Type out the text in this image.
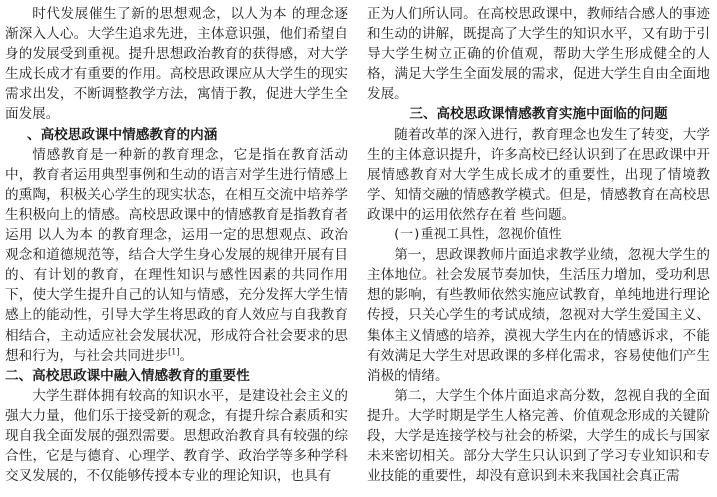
时代发展催生了新的思想观念，以人为本 的理念逐渐深入人心。大学生追求先进，主体意识强，他们希望自身的发展受到重视。提升思想政治教育的获得感，对大学生成长成才有重要的作用。高校思政课应从大学生的现实需求出发，不断调整教学方法，寓情于教，促进大学生全面发展。

、高校思政课中情感教育的内涵

情感教育是一种新的教育理念，它是指在教育活动中，教育者运用典型事例和生动的语言对学生进行情感上的熏陶，积极关心学生的现实状态，在相互交流中培养学生积极向上的情感。高校思政课中的情感教育是指教育者运用 以人为本 的教育理念，运用一定的思想观点、政治观念和道德规范等，结合大学生身心发展的规律开展有目的、有计划的教育，在理性知识与感性因素的共同作用下，使大学生提升自己的认知与情感，充分发挥大学生情感上的能动性，引导大学生将思政的育人效应与自我教育相结合，主动适应社会发展状况，形成符合社会要求的思想和行为，与社会共同进步[1]。

二、高校思政课中融入情感教育的重要性

大学生群体拥有较高的知识水平，是建设社会主义的强大力量，他们乐于接受新的观念，有提升综合素质和实现自我全面发展的强烈需要。思想政治教育具有较强的综合性，它是与德育、心理学、教育学、政治学等多种学科交叉发展的，不仅能够传授本专业的理论知识，也具有

正为人们所认同。在高校思政课中，教师结合感人的事迹和生动的讲解，既提高了大学生的知识水平，又有助于引导大学生树立正确的价值观，帮助大学生形成健全的人格，满足大学生全面发展的需求，促进大学生自由全面地发展。

三、高校思政课情感教育实施中面临的问题

随着改革的深入进行，教育理念也发生了转变，大学生的主体意识提升，许多高校已经认识到了在思政课中开展情感教育对大学生成长成才的重要性，出现了情境教学、知情交融的情感教学模式。但是，情感教育在高校思政课中的运用依然存在着 些问题。

(一)重视工具性，忽视价值性

第一，思政课教师片面追求教学业绩，忽视大学生的主体地位。社会发展节奏加快，生活压力增加，受功利思想的影响，有些教师依然实施应试教育，单纯地进行理论传授，只关心学生的考试成绩，忽视对大学生爱国主义、集体主义情感的培养，漠视大学生内在的情感诉求，不能有效满足大学生对思政课的多样化需求，容易使他们产生消极的情绪。

第二，大学生个体片面追求高分数，忽视自我的全面提升。大学时期是学生人格完善、价值观念形成的关键阶段，大学是连接学校与社会的桥梁，大学生的成长与国家未来密切相关。部分大学生只认识到了学习专业知识和专业技能的重要性，却没有意识到未来我国社会真正需
